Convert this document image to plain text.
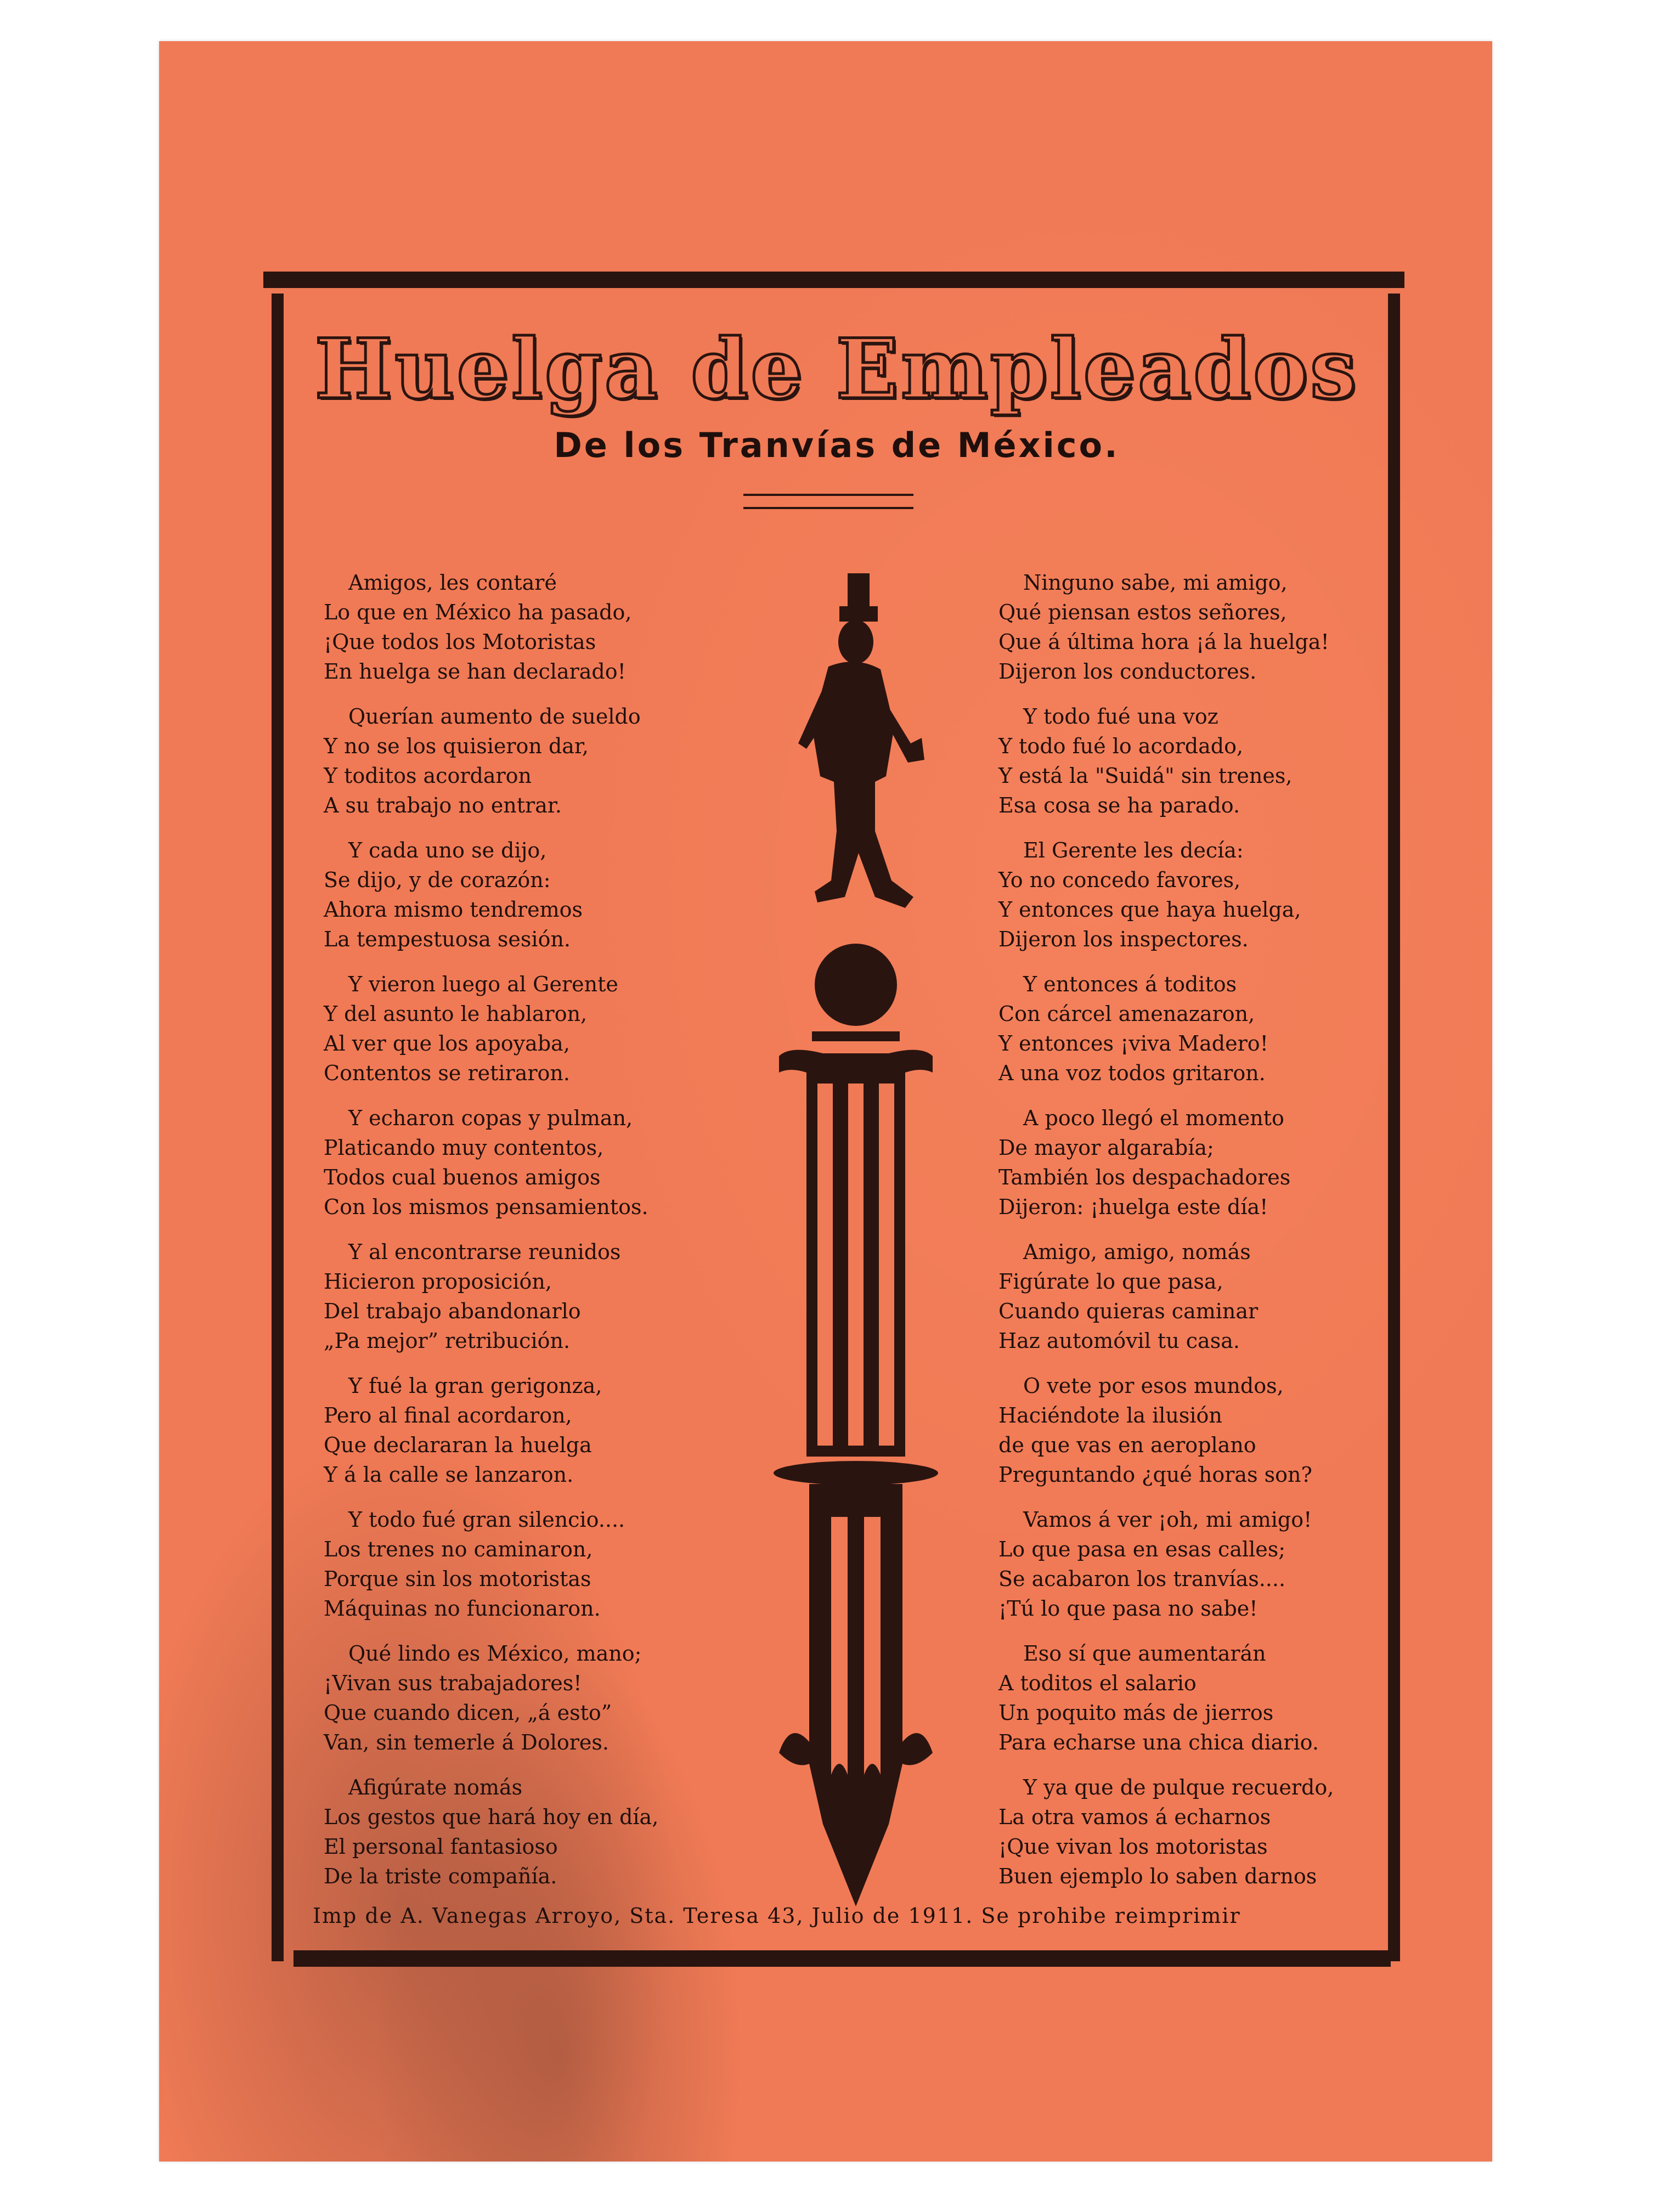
Huelga de Empleados
De los Tranvías de México.
Amigos, les contaré
Lo que en México ha pasado,
¡Que todos los Motoristas
En huelga se han declarado!
Querían aumento de sueldo
Y no se los quisieron dar,
Y toditos acordaron
A su trabajo no entrar.
Y cada uno se dijo,
Se dijo, y de corazón:
Ahora mismo tendremos
La tempestuosa sesión.
Y vieron luego al Gerente
Y del asunto le hablaron,
Al ver que los apoyaba,
Contentos se retiraron.
Y echaron copas y pulman,
Platicando muy contentos,
Todos cual buenos amigos
Con los mismos pensamientos.
Y al encontrarse reunidos
Hicieron proposición,
Del trabajo abandonarlo
„Pa mejor” retribución.
Y fué la gran gerigonza,
Pero al final acordaron,
Que declararan la huelga
Y á la calle se lanzaron.
Y todo fué gran silencio....
Los trenes no caminaron,
Porque sin los motoristas
Máquinas no funcionaron.
Qué lindo es México, mano;
¡Vivan sus trabajadores!
Que cuando dicen, „á esto”
Van, sin temerle á Dolores.
Afigúrate nomás
Los gestos que hará hoy en día,
El personal fantasioso
De la triste compañía.
Ninguno sabe, mi amigo,
Qué piensan estos señores,
Que á última hora ¡á la huelga!
Dijeron los conductores.
Y todo fué una voz
Y todo fué lo acordado,
Y está la "Suidá" sin trenes,
Esa cosa se ha parado.
El Gerente les decía:
Yo no concedo favores,
Y entonces que haya huelga,
Dijeron los inspectores.
Y entonces á toditos
Con cárcel amenazaron,
Y entonces ¡viva Madero!
A una voz todos gritaron.
A poco llegó el momento
De mayor algarabía;
También los despachadores
Dijeron: ¡huelga este día!
Amigo, amigo, nomás
Figúrate lo que pasa,
Cuando quieras caminar
Haz automóvil tu casa.
O vete por esos mundos,
Haciéndote la ilusión
de que vas en aeroplano
Preguntando ¿qué horas son?
Vamos á ver ¡oh, mi amigo!
Lo que pasa en esas calles;
Se acabaron los tranvías....
¡Tú lo que pasa no sabe!
Eso sí que aumentarán
A toditos el salario
Un poquito más de jierros
Para echarse una chica diario.
Y ya que de pulque recuerdo,
La otra vamos á echarnos
¡Que vivan los motoristas
Buen ejemplo lo saben darnos
Imp de A. Vanegas Arroyo, Sta. Teresa 43, Julio de 1911. Se prohibe reimprimir
